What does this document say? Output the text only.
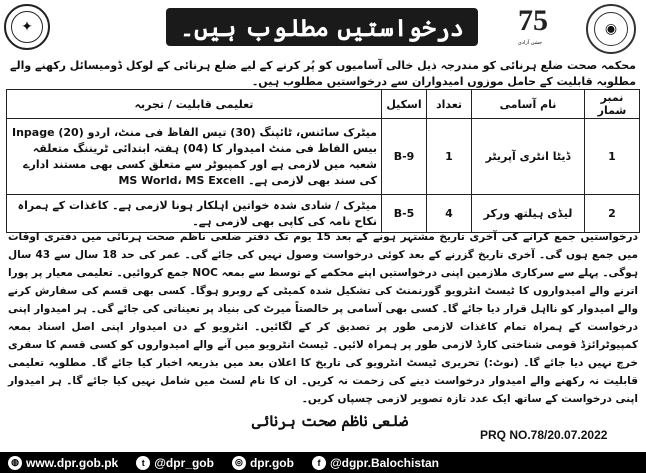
✦	درخواستیں مطلوب ہیں۔	75
جشن آزادی
◉
محکمہ صحت ضلع ہرنائی کو مندرجہ ذیل خالی آسامیوں کو پُر کرنے کے لیے ضلع ہرنائی کے لوکل ڈومیسائل رکھنے والے مطلوبہ قابلیت کے حامل موزوں امیدواران سے درخواستیں مطلوب ہیں۔
نمبر شمار	نام آسامی	تعداد	اسکیل	تعلیمی قابلیت / تجربہ
1	ڈیٹا انٹری آپریٹر	1	B-9	میٹرک سائنس، ٹائپنگ (30) تیس الفاظ فی منٹ، اردو Inpage (20) بیس الفاظ فی منٹ امیدوار کا (04) ہفتہ ابتدائی ٹریننگ متعلقہ شعبہ میں لازمی ہے اور کمپیوٹر سے متعلق کسی بھی مستند ادارے کی سند بھی لازمی ہے۔ MS World، MS Excell
2	لیڈی ہیلتھ ورکر	4	B-5	میٹرک / شادی شدہ خواتین اہلکار ہونا لازمی ہے۔ کاغذات کے ہمراہ نکاح نامہ کی کاپی بھی لازمی ہے۔
درخواستیں جمع کرانے کی آخری تاریخ مشتہر ہونے کے بعد 15 یوم تک دفتر ضلعی ناظم صحت ہرنائی میں دفتری اوقات میں جمع ہوں گی۔ آخری تاریخ گزرنے کے بعد کوئی درخواست وصول نہیں کی جائے گی۔ عمر کی حد 18 سال سے 43 سال ہوگی۔ پہلے سے سرکاری ملازمین اپنی درخواستیں اپنے محکمے کے توسط سے بمعہ NOC جمع کروائیں۔ تعلیمی معیار پر پورا اترنے والے امیدواروں کا ٹیسٹ انٹرویو گورنمنٹ کی تشکیل شدہ کمیٹی کے روبرو ہوگا۔ کسی بھی قسم کی سفارش کرنے والے امیدوار کو نااہل قرار دیا جائے گا۔ کسی بھی آسامی پر خالصتاً میرٹ کی بنیاد پر تعیناتی کی جائے گی۔ ہر امیدوار اپنی درخواست کے ہمراہ تمام کاغذات لازمی طور پر تصدیق کر کے لگائیں۔ انٹرویو کے دن امیدوار اپنی اصل اسناد بمعہ کمپیوٹرائزڈ قومی شناختی کارڈ لازمی طور پر ہمراہ لائیں۔ ٹیسٹ انٹرویو میں آنے والے امیدواروں کو کسی قسم کا سفری خرچ نہیں دیا جائے گا۔ (نوٹ:) تحریری ٹیسٹ انٹرویو کی تاریخ کا اعلان بعد میں بذریعہ اخبار کیا جائے گا۔ مطلوبہ تعلیمی قابلیت نہ رکھنے والے امیدوار درخواست دینے کی زحمت نہ کریں۔ ان کا نام لسٹ میں شامل نہیں کیا جائے گا۔ ہر امیدوار اپنی درخواست کے ساتھ ایک عدد تازہ تصویر لازمی چسپاں کریں۔
ضلعی ناظم صحت ہرنائی
PRQ NO.78/20.07.2022
◍ www.dpr.gob.pk	t @dpr_gob	◎ dpr.gob	f @dgpr.Balochistan
